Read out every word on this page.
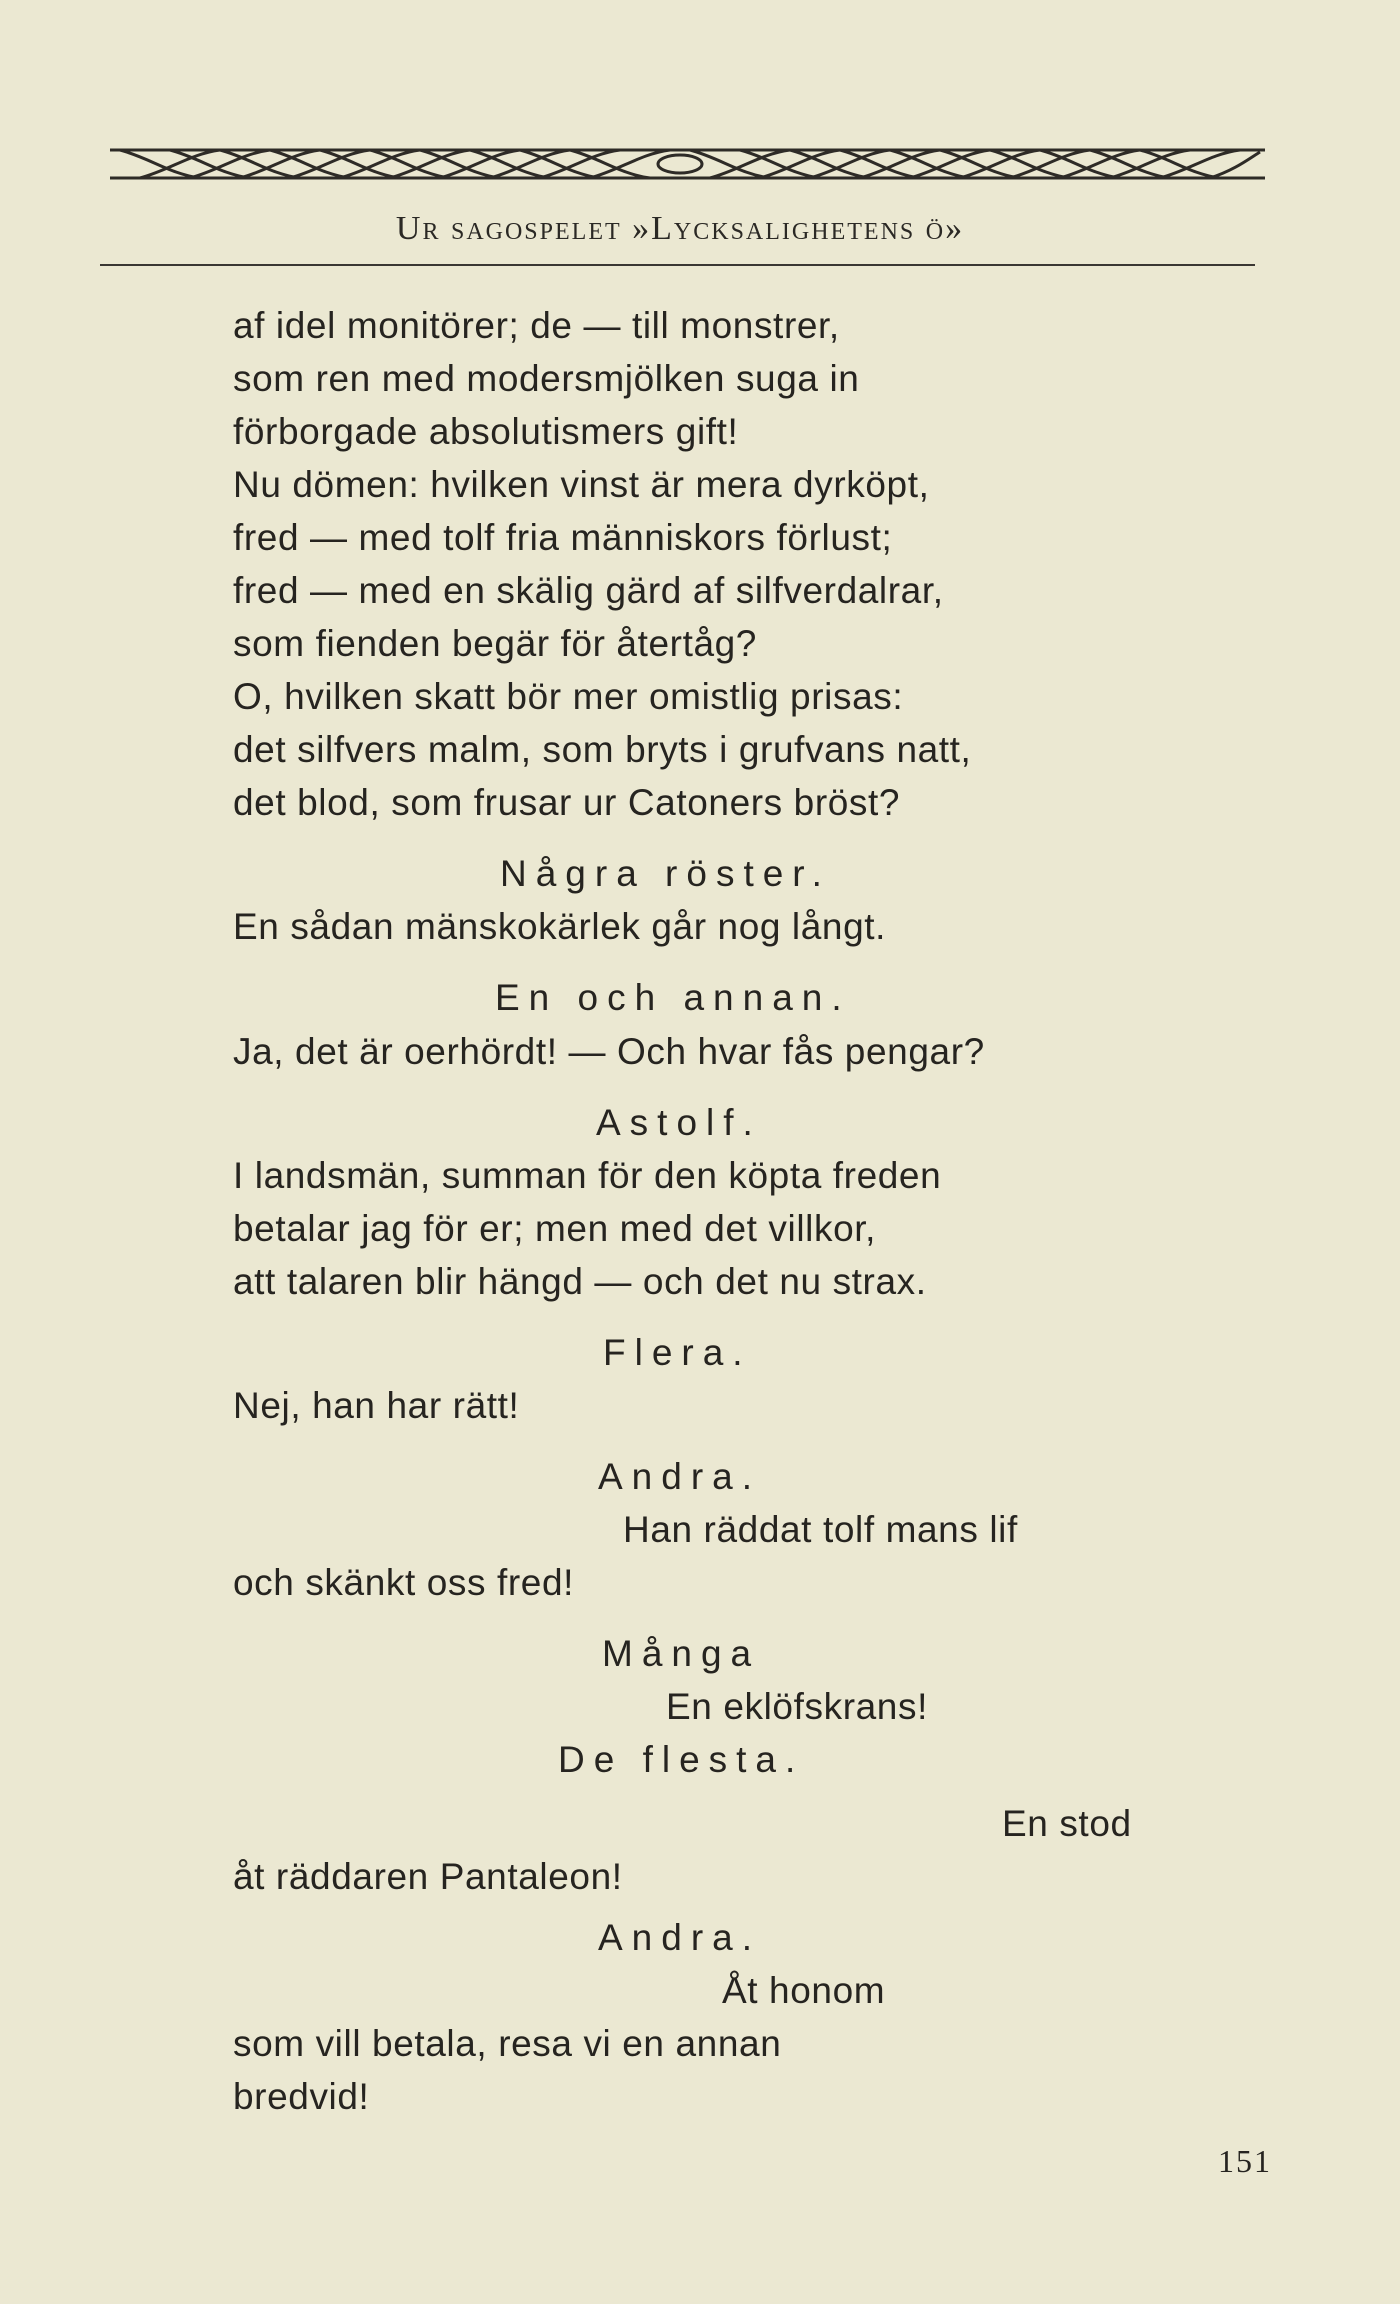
Ur sagospelet »Lycksalighetens ö»
af idel monitörer; de — till monstrer,
som ren med modersmjölken suga in
förborgade absolutismers gift!
Nu dömen: hvilken vinst är mera dyrköpt,
fred — med tolf fria människors förlust;
fred — med en skälig gärd af silfverdalrar,
som fienden begär för återtåg?
O, hvilken skatt bör mer omistlig prisas:
det silfvers malm, som bryts i grufvans natt,
det blod, som frusar ur Catoners bröst?
Några röster.
En sådan mänskokärlek går nog långt.
En och annan.
Ja, det är oerhördt! — Och hvar fås pengar?
Astolf.
I landsmän, summan för den köpta freden
betalar jag för er; men med det villkor,
att talaren blir hängd — och det nu strax.
Flera.
Nej, han har rätt!
Andra.
Han räddat tolf mans lif
och skänkt oss fred!
Många
En eklöfskrans!
De flesta.
En stod
åt räddaren Pantaleon!
Andra.
Åt honom
som vill betala, resa vi en annan
bredvid!
151
